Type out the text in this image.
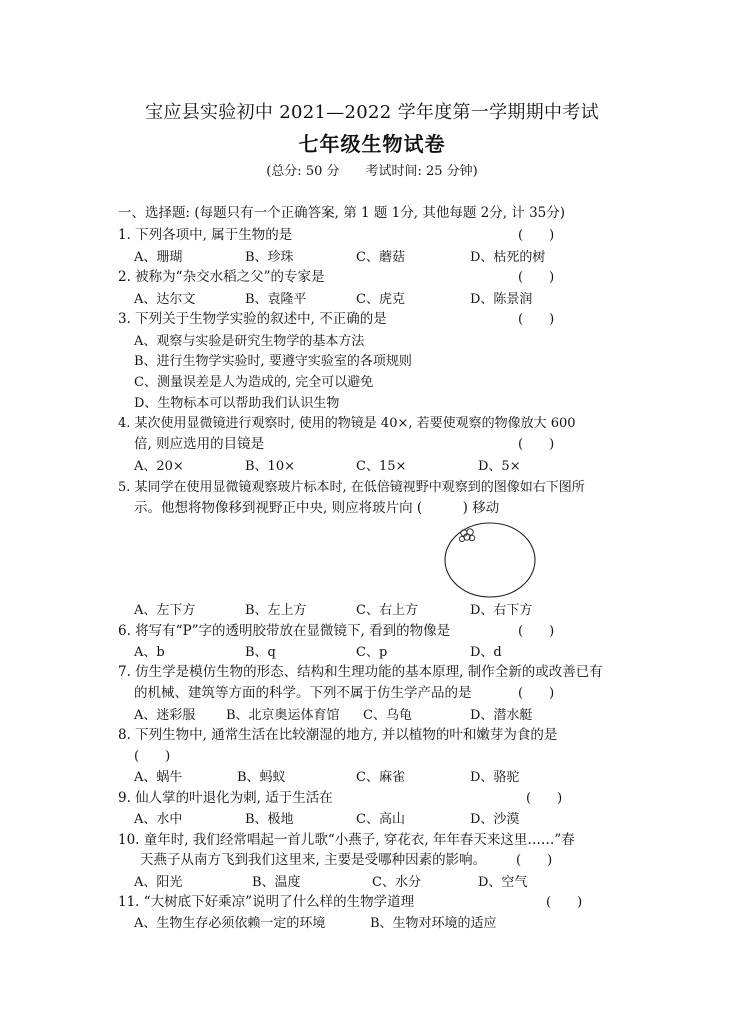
宝应县实验初中 2021—2022 学年度第一学期期中考试
七年级生物试卷
(总分: 50 分　　考试时间: 25 分钟)
一、选择题: (每题只有一个正确答案, 第 1 题 1分, 其他每题 2分, 计 35分)
1. 下列各项中, 属于生物的是	(　　)
A、珊瑚	B、珍珠	C、蘑菇	D、枯死的树
2. 被称为“杂交水稻之父”的专家是	(　　)
A、达尔文	B、袁隆平	C、虎克	D、陈景润
3. 下列关于生物学实验的叙述中, 不正确的是	(　　)
A、观察与实验是研究生物学的基本方法
B、进行生物学实验时, 要遵守实验室的各项规则
C、测量误差是人为造成的, 完全可以避免
D、生物标本可以帮助我们认识生物
4. 某次使用显微镜进行观察时, 使用的物镜是 40×, 若要使观察的物像放大 600
倍, 则应选用的目镜是	(　　)
A、20×	B、10×	C、15×	D、5×
5. 某同学在使用显微镜观察玻片标本时, 在低倍镜视野中观察到的图像如右下图所
示。他想将物像移到视野正中央, 则应将玻片向 (　　　) 移动
A、左下方	B、左上方	C、右上方	D、右下方
6. 将写有“P”字的透明胶带放在显微镜下, 看到的物像是	(　　)
A、b	B、q	C、p	D、d
7. 仿生学是模仿生物的形态、结构和生理功能的基本原理, 制作全新的或改善已有
的机械、建筑等方面的科学。下列不属于仿生学产品的是	(　　)
A、迷彩服 B、北京奥运体育馆 C、乌龟	D、潜水艇
8. 下列生物中, 通常生活在比较潮湿的地方, 并以植物的叶和嫩芽为食的是
(　　)
A、蜗牛	B、蚂蚁	C、麻雀	D、骆驼
9. 仙人掌的叶退化为刺, 适于生活在	(　　)
A、水中	B、极地	C、高山	D、沙漠
10. 童年时, 我们经常唱起一首儿歌“小燕子, 穿花衣, 年年春天来这里……”春
天燕子从南方飞到我们这里来, 主要是受哪种因素的影响。 (　　)
A、阳光	B、温度	C、水分	D、空气
11. “大树底下好乘凉”说明了什么样的生物学道理	(　　)
A、生物生存必须依赖一定的环境	B、生物对环境的适应
